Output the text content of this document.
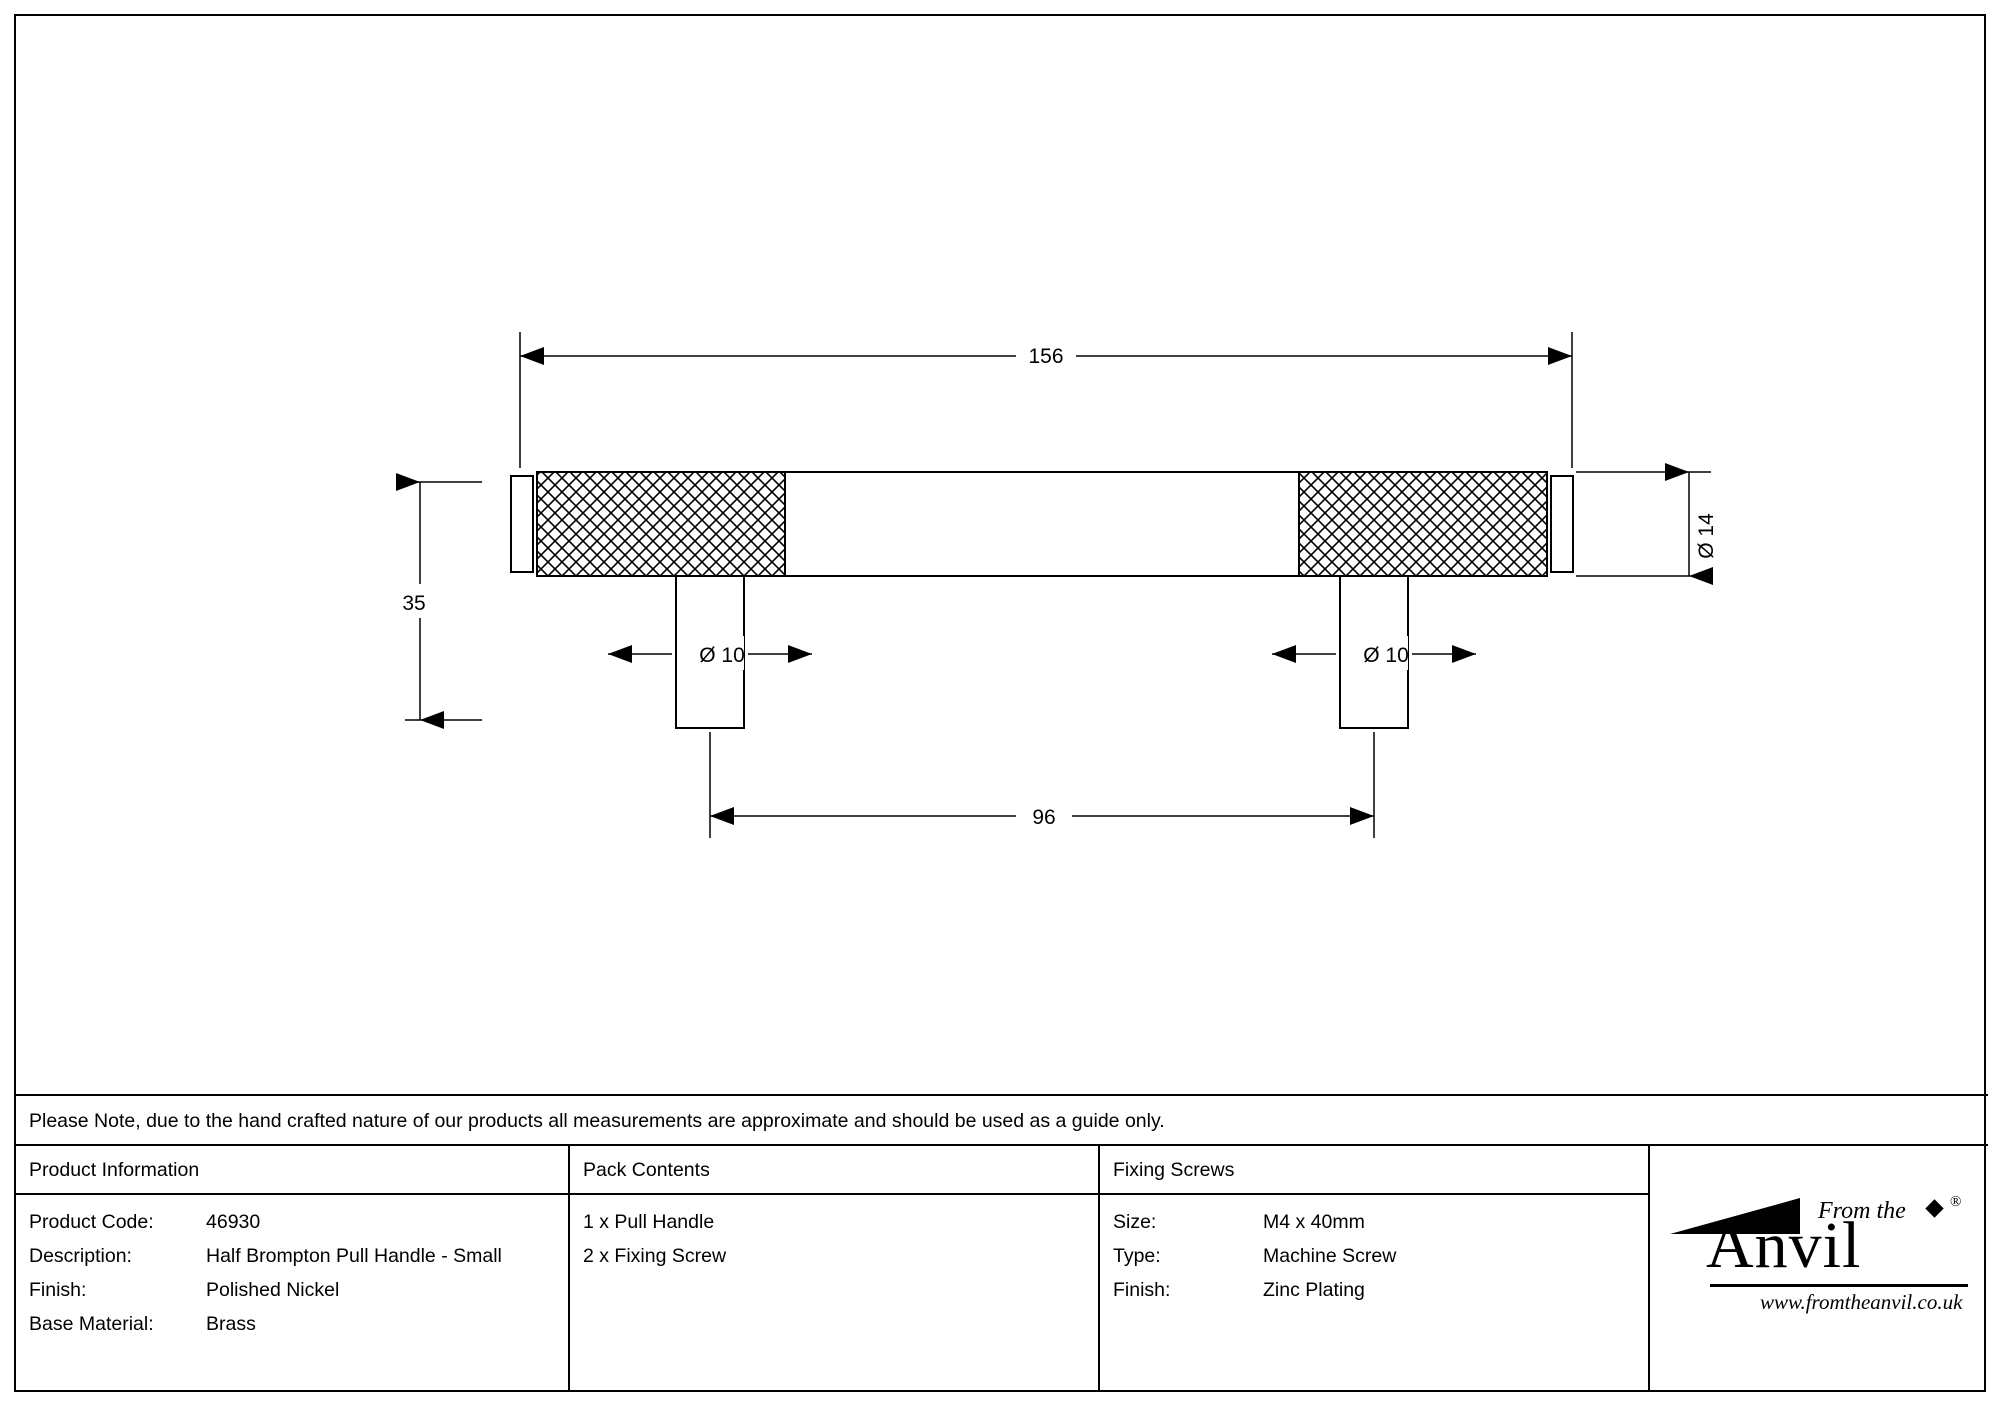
156
35
Ø 14
Ø 10	Ø 10
96
Please Note, due to the hand crafted nature of our products all measurements are approximate and should be used as a guide only.
Product Information
Product Code:	46930
Description:	Half Brompton Pull Handle - Small
Finish:	Polished Nickel
Base Material:	Brass
Pack Contents
1 x Pull Handle
2 x Fixing Screw
Fixing Screws
Size:	M4 x 40mm
Type:	Machine Screw
Finish:	Zinc Plating
From the	®
Anvil
www.fromtheanvil.co.uk
